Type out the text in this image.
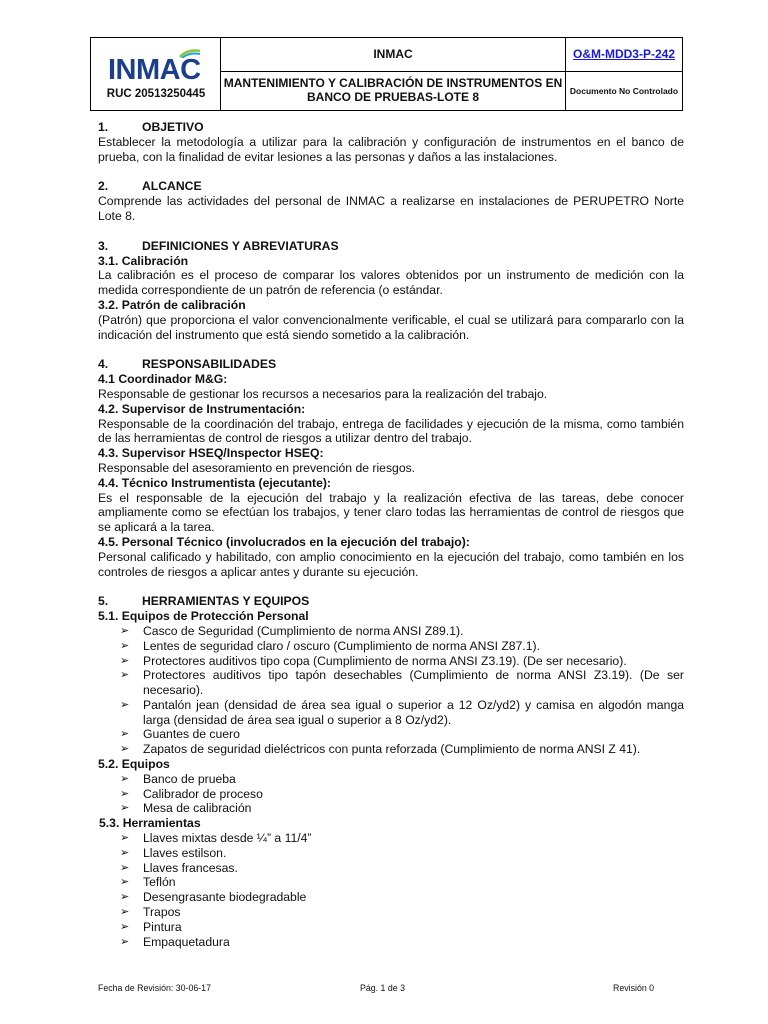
INMAC
RUC 20513250445
INMAC
MANTENIMIENTO Y CALIBRACIÓN DE INSTRUMENTOS EN BANCO DE PRUEBAS-LOTE 8
O&M-MDD3-P-242
Documento No Controlado

1.	OBJETIVO

Establecer la metodología a utilizar para la calibración y configuración de instrumentos en el banco de prueba, con la finalidad de evitar lesiones a las personas y daños a las instalaciones.

2.	ALCANCE

Comprende las actividades del personal de INMAC a realizarse en instalaciones de PERUPETRO Norte Lote 8.

3.	DEFINICIONES Y ABREVIATURAS

3.1. Calibración

La calibración es el proceso de comparar los valores obtenidos por un instrumento de medición con la medida correspondiente de un patrón de referencia (o estándar.

3.2. Patrón de calibración

(Patrón) que proporciona el valor convencionalmente verificable, el cual se utilizará para compararlo con la indicación del instrumento que está siendo sometido a la calibración.

4.	RESPONSABILIDADES

4.1 Coordinador M&G:

Responsable de gestionar los recursos a necesarios para la realización del trabajo.

4.2. Supervisor de Instrumentación:

Responsable de la coordinación del trabajo, entrega de facilidades y ejecución de la misma, como también de las herramientas de control de riesgos a utilizar dentro del trabajo.

4.3. Supervisor HSEQ/Inspector HSEQ:

Responsable del asesoramiento en prevención de riesgos.

4.4. Técnico Instrumentista (ejecutante):

Es el responsable de la ejecución del trabajo y la realización efectiva de las tareas, debe conocer ampliamente como se efectúan los trabajos, y tener claro todas las herramientas de control de riesgos que se aplicará a la tarea.

4.5. Personal Técnico (involucrados en la ejecución del trabajo):

Personal calificado y habilitado, con amplio conocimiento en la ejecución del trabajo, como también en los controles de riesgos a aplicar antes y durante su ejecución.

5.	HERRAMIENTAS Y EQUIPOS

5.1. Equipos de Protección Personal

➢ Casco de Seguridad (Cumplimiento de norma ANSI Z89.1).
➢ Lentes de seguridad claro / oscuro (Cumplimiento de norma ANSI Z87.1).
➢ Protectores auditivos tipo copa (Cumplimiento de norma ANSI Z3.19). (De ser necesario).
➢ Protectores auditivos tipo tapón desechables (Cumplimiento de norma ANSI Z3.19). (De ser necesario).
➢ Pantalón jean (densidad de área sea igual o superior a 12 Oz/yd2) y camisa en algodón manga larga (densidad de área sea igual o superior a 8 Oz/yd2).
➢ Guantes de cuero
➢ Zapatos de seguridad dieléctricos con punta reforzada (Cumplimiento de norma ANSI Z 41).

5.2. Equipos

➢ Banco de prueba
➢ Calibrador de proceso
➢ Mesa de calibración

5.3. Herramientas

➢ Llaves mixtas desde ¼” a 11/4”
➢ Llaves estilson.
➢ Llaves francesas.
➢ Teflón
➢ Desengrasante biodegradable
➢ Trapos
➢ Pintura
➢ Empaquetadura
Fecha de Revisión: 30-06-17	Pág. 1 de 3	Revisión 0
